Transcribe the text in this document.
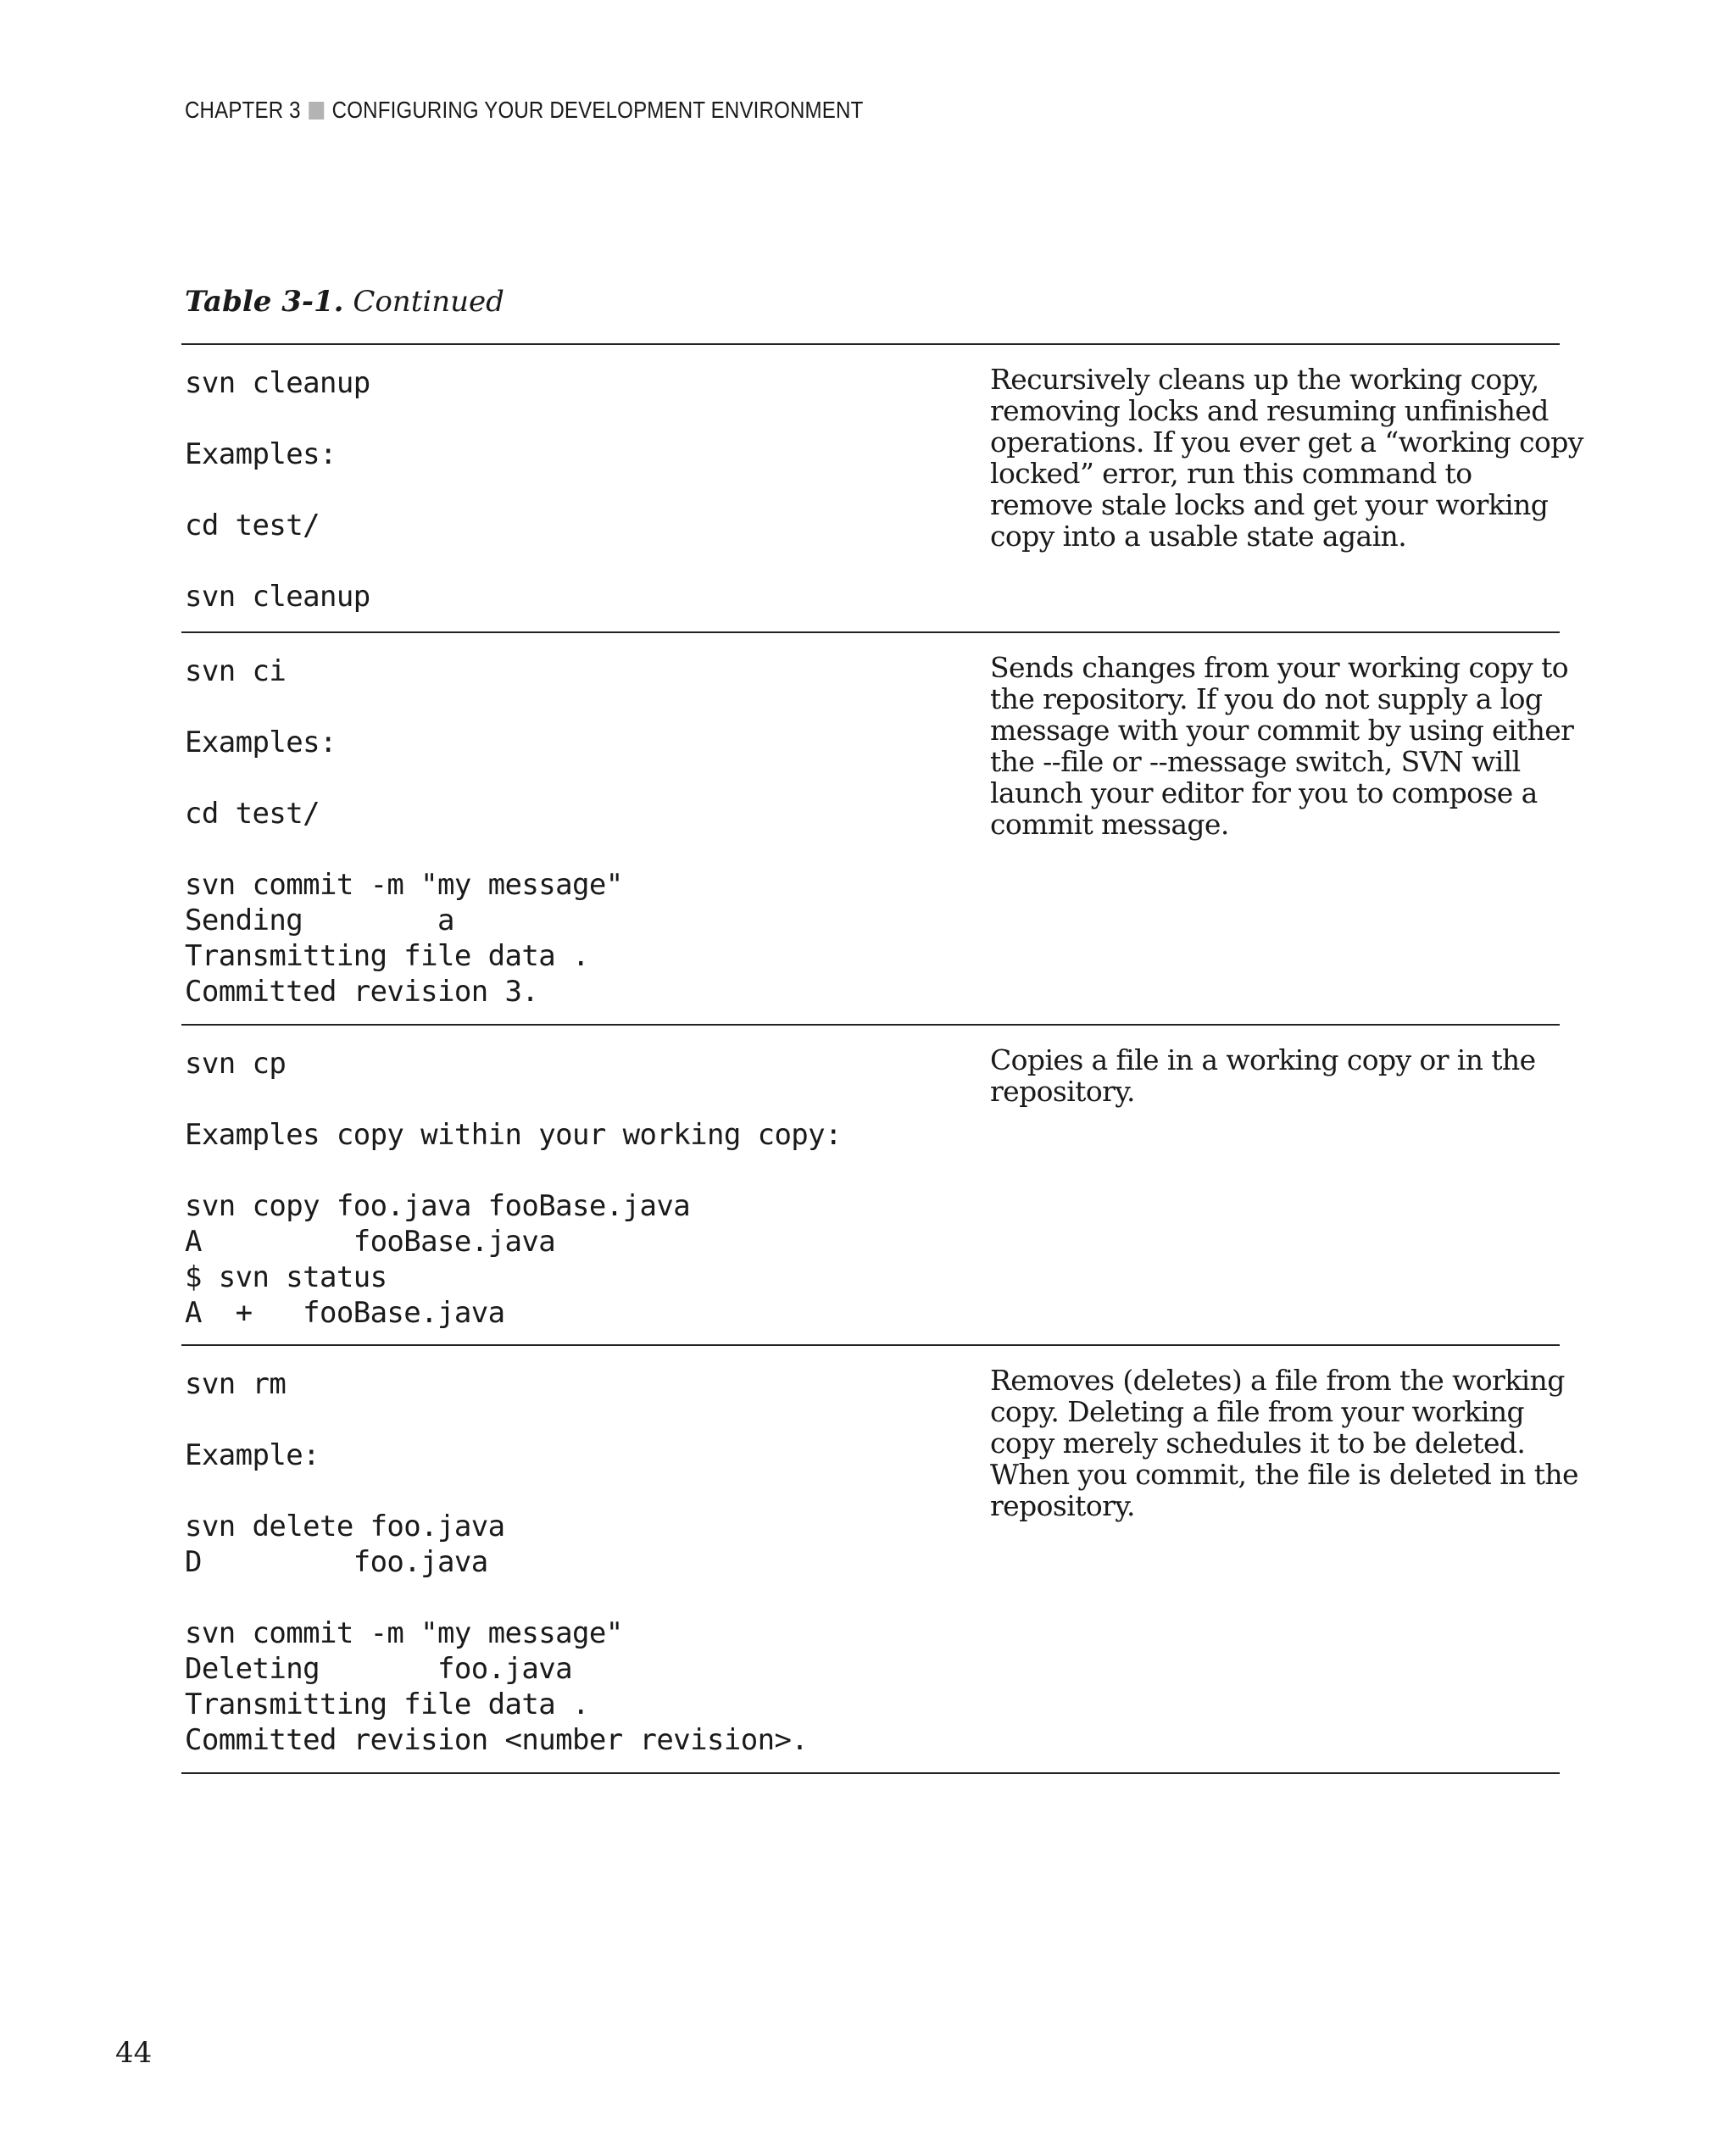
CHAPTER 3 CONFIGURING YOUR DEVELOPMENT ENVIRONMENT
Table 3-1. Continued
svn cleanup
Examples:
cd test/
svn cleanup
Recursively cleans up the working copy,
removing locks and resuming unfinished
operations. If you ever get a “working copy
locked” error, run this command to
remove stale locks and get your working
copy into a usable state again.
svn ci
Examples:
cd test/
svn commit -m "my message"
Sending        a
Transmitting file data .
Committed revision 3.
Sends changes from your working copy to
the repository. If you do not supply a log
message with your commit by using either
the --file or --message switch, SVN will
launch your editor for you to compose a
commit message.
svn cp
Examples copy within your working copy:
svn copy foo.java fooBase.java
A         fooBase.java
$ svn status
A  +   fooBase.java
Copies a file in a working copy or in the
repository.
svn rm
Example:
svn delete foo.java
D         foo.java
svn commit -m "my message"
Deleting       foo.java
Transmitting file data .
Committed revision <number revision>.
Removes (deletes) a file from the working
copy. Deleting a file from your working
copy merely schedules it to be deleted.
When you commit, the file is deleted in the
repository.
44
